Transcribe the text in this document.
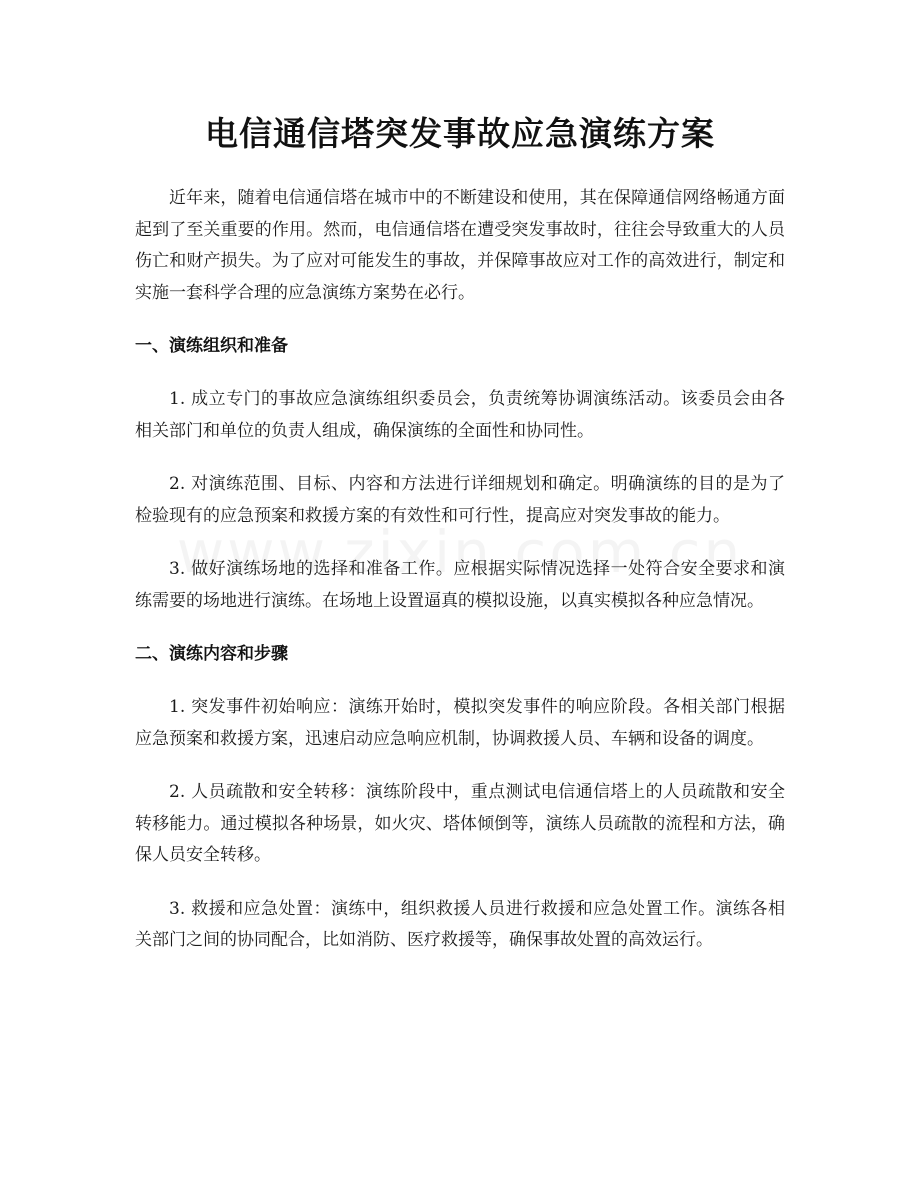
电信通信塔突发事故应急演练方案

近年来，随着电信通信塔在城市中的不断建设和使用，其在保障通信网络畅通方面起到了至关重要的作用。然而，电信通信塔在遭受突发事故时，往往会导致重大的人员伤亡和财产损失。为了应对可能发生的事故，并保障事故应对工作的高效进行，制定和实施一套科学合理的应急演练方案势在必行。

一、演练组织和准备

1. 成立专门的事故应急演练组织委员会，负责统筹协调演练活动。该委员会由各相关部门和单位的负责人组成，确保演练的全面性和协同性。

2. 对演练范围、目标、内容和方法进行详细规划和确定。明确演练的目的是为了检验现有的应急预案和救援方案的有效性和可行性，提高应对突发事故的能力。

3. 做好演练场地的选择和准备工作。应根据实际情况选择一处符合安全要求和演练需要的场地进行演练。在场地上设置逼真的模拟设施，以真实模拟各种应急情况。

二、演练内容和步骤

1. 突发事件初始响应：演练开始时，模拟突发事件的响应阶段。各相关部门根据应急预案和救援方案，迅速启动应急响应机制，协调救援人员、车辆和设备的调度。

2. 人员疏散和安全转移：演练阶段中，重点测试电信通信塔上的人员疏散和安全转移能力。通过模拟各种场景，如火灾、塔体倾倒等，演练人员疏散的流程和方法，确保人员安全转移。

3. 救援和应急处置：演练中，组织救援人员进行救援和应急处置工作。演练各相关部门之间的协同配合，比如消防、医疗救援等，确保事故处置的高效运行。
